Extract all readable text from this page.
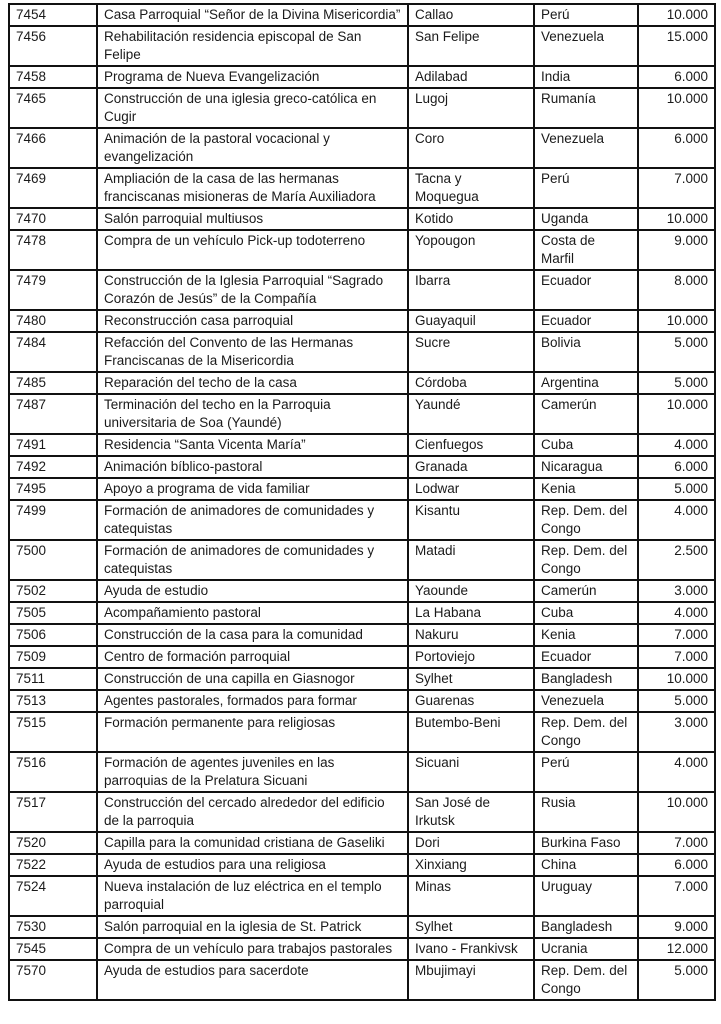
7454	Casa Parroquial “Señor de la Divina Misericordia”	Callao	Perú	10.000
7456	Rehabilitación residencia episcopal de San Felipe	San Felipe	Venezuela	15.000
7458	Programa de Nueva Evangelización	Adilabad	India	6.000
7465	Construcción de una iglesia greco-católica en Cugir	Lugoj	Rumanía	10.000
7466	Animación de la pastoral vocacional y evangelización	Coro	Venezuela	6.000
7469	Ampliación de la casa de las hermanas franciscanas misioneras de María Auxiliadora	Tacna y Moquegua	Perú	7.000
7470	Salón parroquial multiusos	Kotido	Uganda	10.000
7478	Compra de un vehículo Pick-up todoterreno	Yopougon	Costa de Marfil	9.000
7479	Construcción de la Iglesia Parroquial “Sagrado Corazón de Jesús” de la Compañía	Ibarra	Ecuador	8.000
7480	Reconstrucción casa parroquial	Guayaquil	Ecuador	10.000
7484	Refacción del Convento de las Hermanas Franciscanas de la Misericordia	Sucre	Bolivia	5.000
7485	Reparación del techo de la casa	Córdoba	Argentina	5.000
7487	Terminación del techo en la Parroquia universitaria de Soa (Yaundé)	Yaundé	Camerún	10.000
7491	Residencia “Santa Vicenta María”	Cienfuegos	Cuba	4.000
7492	Animación bíblico-pastoral	Granada	Nicaragua	6.000
7495	Apoyo a programa de vida familiar	Lodwar	Kenia	5.000
7499	Formación de animadores de comunidades y catequistas	Kisantu	Rep. Dem. del Congo	4.000
7500	Formación de animadores de comunidades y catequistas	Matadi	Rep. Dem. del Congo	2.500
7502	Ayuda de estudio	Yaounde	Camerún	3.000
7505	Acompañamiento pastoral	La Habana	Cuba	4.000
7506	Construcción de la casa para la comunidad	Nakuru	Kenia	7.000
7509	Centro de formación parroquial	Portoviejo	Ecuador	7.000
7511	Construcción de una capilla en Giasnogor	Sylhet	Bangladesh	10.000
7513	Agentes pastorales, formados para formar	Guarenas	Venezuela	5.000
7515	Formación permanente para religiosas	Butembo-Beni	Rep. Dem. del Congo	3.000
7516	Formación de agentes juveniles en las parroquias de la Prelatura Sicuani	Sicuani	Perú	4.000
7517	Construcción del cercado alrededor del edificio de la parroquia	San José de Irkutsk	Rusia	10.000
7520	Capilla para la comunidad cristiana de Gaseliki	Dori	Burkina Faso	7.000
7522	Ayuda de estudios para una religiosa	Xinxiang	China	6.000
7524	Nueva instalación de luz eléctrica en el templo parroquial	Minas	Uruguay	7.000
7530	Salón parroquial en la iglesia de St. Patrick	Sylhet	Bangladesh	9.000
7545	Compra de un vehículo para trabajos pastorales	Ivano - Frankivsk	Ucrania	12.000
7570	Ayuda de estudios para sacerdote	Mbujimayi	Rep. Dem. del Congo	5.000
